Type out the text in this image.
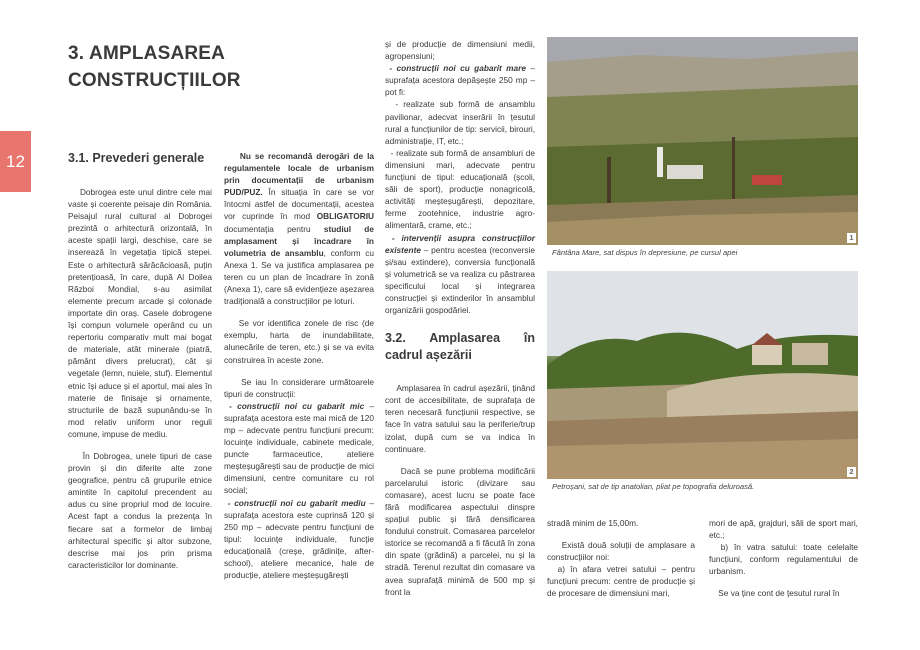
12
3. AMPLASAREA CONSTRUCȚIILOR
3.1. Prevederi generale

Dobrogea este unul dintre cele mai vaste și coerente peisaje din România. Peisajul rural cultural al Dobrogei prezintă o arhitectură orizontală, în aceste spații largi, deschise, care se inserează în vegetația tipică stepei. Este o arhitectură sărăcăcioasă, puțin pretențioasă, în care, după Al Doilea Război Mondial, s-au asimilat elemente precum arcade și colonade importate din oraș. Casele dobrogene își compun volumele operând cu un repertoriu comparativ mult mai bogat de materiale, atât minerale (piatră, pământ divers prelucrat), cât și vegetale (lemn, nuiele, stuf). Elementul etnic își aduce și el aportul, mai ales în materie de finisaje și ornamente, structurile de bază supunându-se în mod relativ uniform unor reguli comune, impuse de mediu.

În Dobrogea, unele tipuri de case provin și din diferite alte zone geografice, pentru că grupurile etnice amintite în capitolul precendent au adus cu sine propriul mod de locuire. Acest fapt a condus la prezența în fiecare sat a formelor de limbaj arhitectural specific și altor subzone, descrise mai jos prin prisma caracteristicilor lor dominante.

Nu se recomandă derogări de la regulamentele locale de urbanism prin documentații de urbanism PUD/PUZ. În situația în care se vor întocmi astfel de documentații, acestea vor cuprinde în mod OBLIGATORIU documentația pentru studiul de amplasament și încadrare în volumetria de ansamblu, conform cu Anexa 1. Se va justifica amplasarea pe teren cu un plan de încadrare în zonă (Anexa 1), care să evidențieze așezarea tradițională a construcțiilor pe loturi.

Se vor identifica zonele de risc (de exemplu, harta de inundabilitate, alunecările de teren, etc.) și se va evita construirea în aceste zone.

Se iau în considerare următoarele tipuri de construcții:

- construcții noi cu gabarit mic – suprafața acestora este mai mică de 120 mp – adecvate pentru funcțiuni precum: locuințe individuale, cabinete medicale, puncte farmaceutice, ateliere meșteșugărești sau de producție de mici dimensiuni, centre comunitare cu rol social;

- construcții noi cu gabarit mediu – suprafața acestora este cuprinsă 120 și 250 mp – adecvate pentru funcțiuni de tipul: locuințe individuale, funcție educațională (creșe, grădinițe, after-school), ateliere mecanice, hale de producție, ateliere meșteșugărești

și de producție de dimensiuni medii, agropensiuni;

- construcții noi cu gabarit mare – suprafața acestora depășește 250 mp – pot fi:

- realizate sub formă de ansamblu pavilionar, adecvat inserării în țesutul rural a funcțiunilor de tip: servicii, birouri, administrație, IT, etc.;

- realizate sub formă de ansambluri de dimensiuni mari, adecvate pentru funcțiuni de tipul: educațională (școli, săli de sport), producție nonagricolă, activități meșteșugărești, depozitare, ferme zootehnice, industrie agro-alimentară, crame, etc.;

- intervenții asupra construcțiilor existente – pentru acestea (reconversie și/sau extindere), conversia funcțională și volumetrică se va realiza cu păstrarea specificului local și integrarea construcției și extinderilor în ansamblul organizării gospodăriei.

3.2. Amplasarea în cadrul așezării

Amplasarea în cadrul așezării, ținând cont de accesibilitate, de suprafața de teren necesară funcțiunii respective, se face în vatra satului sau la periferie/trup izolat, după cum se va indica în continuare.

Dacă se pune problema modificării parcelarului istoric (divizare sau comasare), acest lucru se poate face fără modificarea aspectului dinspre spațiul public și fără densificarea fondului construit. Comasarea parcelelor istorice se recomandă a fi făcută în zona din spate (grădină) a parcelei, nu și la stradă. Terenul rezultat din comasare va avea suprafață minimă de 500 mp și front la

1

Fântâna Mare, sat dispus în depresiune, pe cursul apei

2

Petroșani, sat de tip anatolian, pliat pe topografia deluroasă.

stradă minim de 15,00m.

Există două soluții de amplasare a construcțiilor noi:

a) în afara vetrei satului – pentru funcțiuni precum: centre de producție și de procesare de dimensiuni mari,

mori de apă, grajduri, săli de sport mari, etc.;

b) în vatra satului: toate celelalte funcțiuni, conform regulamentului de urbanism.

Se va ține cont de țesutul rural în
